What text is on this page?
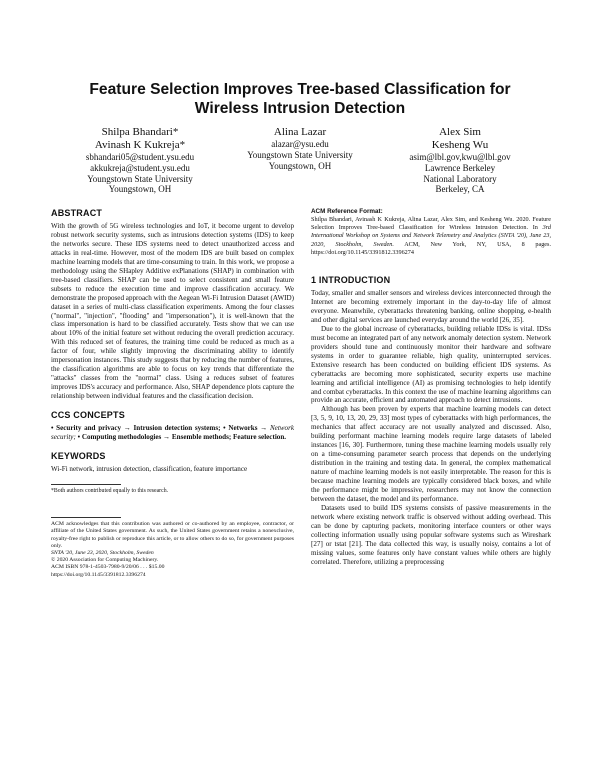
Feature Selection Improves Tree-based Classification for
Wireless Intrusion Detection
Shilpa Bhandari*
Avinash K Kukreja*
sbhandari05@student.ysu.edu
akkukreja@student.ysu.edu
Youngstown State University
Youngstown, OH
Alina Lazar
alazar@ysu.edu
Youngstown State University
Youngstown, OH
Alex Sim
Kesheng Wu
asim@lbl.gov,kwu@lbl.gov
Lawrence Berkeley
National Laboratory
Berkeley, CA
ABSTRACT

With the growth of 5G wireless technologies and IoT, it become urgent to develop robust network security systems, such as intrusions detection systems (IDS) to keep the networks secure. These IDS systems need to detect unauthorized access and attacks in real-time. However, most of the modern IDS are built based on complex machine learning models that are time-consuming to train. In this work, we propose a methodology using the SHapley Additive exPlanations (SHAP) in combination with tree-based classifiers. SHAP can be used to select consistent and small feature subsets to reduce the execution time and improve classification accuracy. We demonstrate the proposed approach with the Aegean Wi-Fi Intrusion Dataset (AWID) dataset in a series of multi-class classification experiments. Among the four classes ("normal", "injection", "flooding" and "impersonation"), it is well-known that the class impersonation is hard to be classified accurately. Tests show that we can use about 10% of the initial feature set without reducing the overall prediction accuracy. With this reduced set of features, the training time could be reduced as much as a factor of four, while slightly improving the discriminating ability to identify impersonation instances. This study suggests that by reducing the number of features, the classification algorithms are able to focus on key trends that differentiate the "attacks" classes from the "normal" class. Using a reduces subset of features improves IDS's accuracy and performance. Also, SHAP dependence plots capture the relationship between individual features and the classification decision.

CCS CONCEPTS

• Security and privacy → Intrusion detection systems; • Networks → Network security; • Computing methodologies → Ensemble methods; Feature selection.

KEYWORDS

Wi-Fi network, intrusion detection, classification, feature importance

*Both authors contributed equally to this research.

ACM acknowledges that this contribution was authored or co-authored by an employee, contractor, or affiliate of the United States government. As such, the United States government retains a nonexclusive, royalty-free right to publish or reproduce this article, or to allow others to do so, for government purposes only.

SNTA '20, June 23, 2020, Stockholm, Sweden
© 2020 Association for Computing Machinery.
ACM ISBN 978-1-4503-7980-9/20/06 . . . $15.00
https://doi.org/10.1145/3391812.3396274
ACM Reference Format:

Shilpa Bhandari, Avinash K Kukreja, Alina Lazar, Alex Sim, and Kesheng Wu. 2020. Feature Selection Improves Tree-based Classification for Wireless Intrusion Detection. In 3rd International Workshop on Systems and Network Telemetry and Analytics (SNTA '20), June 23, 2020, Stockholm, Sweden. ACM, New York, NY, USA, 8 pages. https://doi.org/10.1145/3391812.3396274

1 INTRODUCTION

Today, smaller and smaller sensors and wireless devices interconnected through the Internet are becoming extremely important in the day-to-day life of almost everyone. Meanwhile, cyberattacks threatening banking, online shopping, e-health and other digital services are launched everyday around the world [26, 35].

Due to the global increase of cyberattacks, building reliable IDSs is vital. IDSs must become an integrated part of any network anomaly detection system. Network providers should tune and continuously monitor their hardware and software systems in order to guarantee reliable, high quality, uninterrupted services. Extensive research has been conducted on building efficient IDS systems. As cyberattacks are becoming more sophisticated, security experts use machine learning and artificial intelligence (AI) as promising technologies to help identify and combat cyberattacks. In this context the use of machine learning algorithms can provide an accurate, efficient and automated approach to detect intrusions.

Although has been proven by experts that machine learning models can detect [3, 5, 9, 10, 13, 20, 29, 33] most types of cyberattacks with high performances, the mechanics that affect accuracy are not usually analyzed and discussed. Also, building performant machine learning models require large datasets of labeled instances [16, 30]. Furthermore, tuning these machine learning models usually rely on a time-consuming parameter search process that depends on the underlying distribution in the training and testing data. In general, the complex mathematical nature of machine learning models is not easily interpretable. The reason for this is because machine learning models are typically considered black boxes, and while the performance might be impressive, researchers may not know the connection between the dataset, the model and its performance.

Datasets used to build IDS systems consists of passive measurements in the network where existing network traffic is observed without adding overhead. This can be done by capturing packets, monitoring interface counters or other ways collecting information usually using popular software systems such as Wireshark [27] or tstat [21]. The data collected this way, is usually noisy, contains a lot of missing values, some features only have constant values while others are highly correlated. Therefore, utilizing a preprocessing
